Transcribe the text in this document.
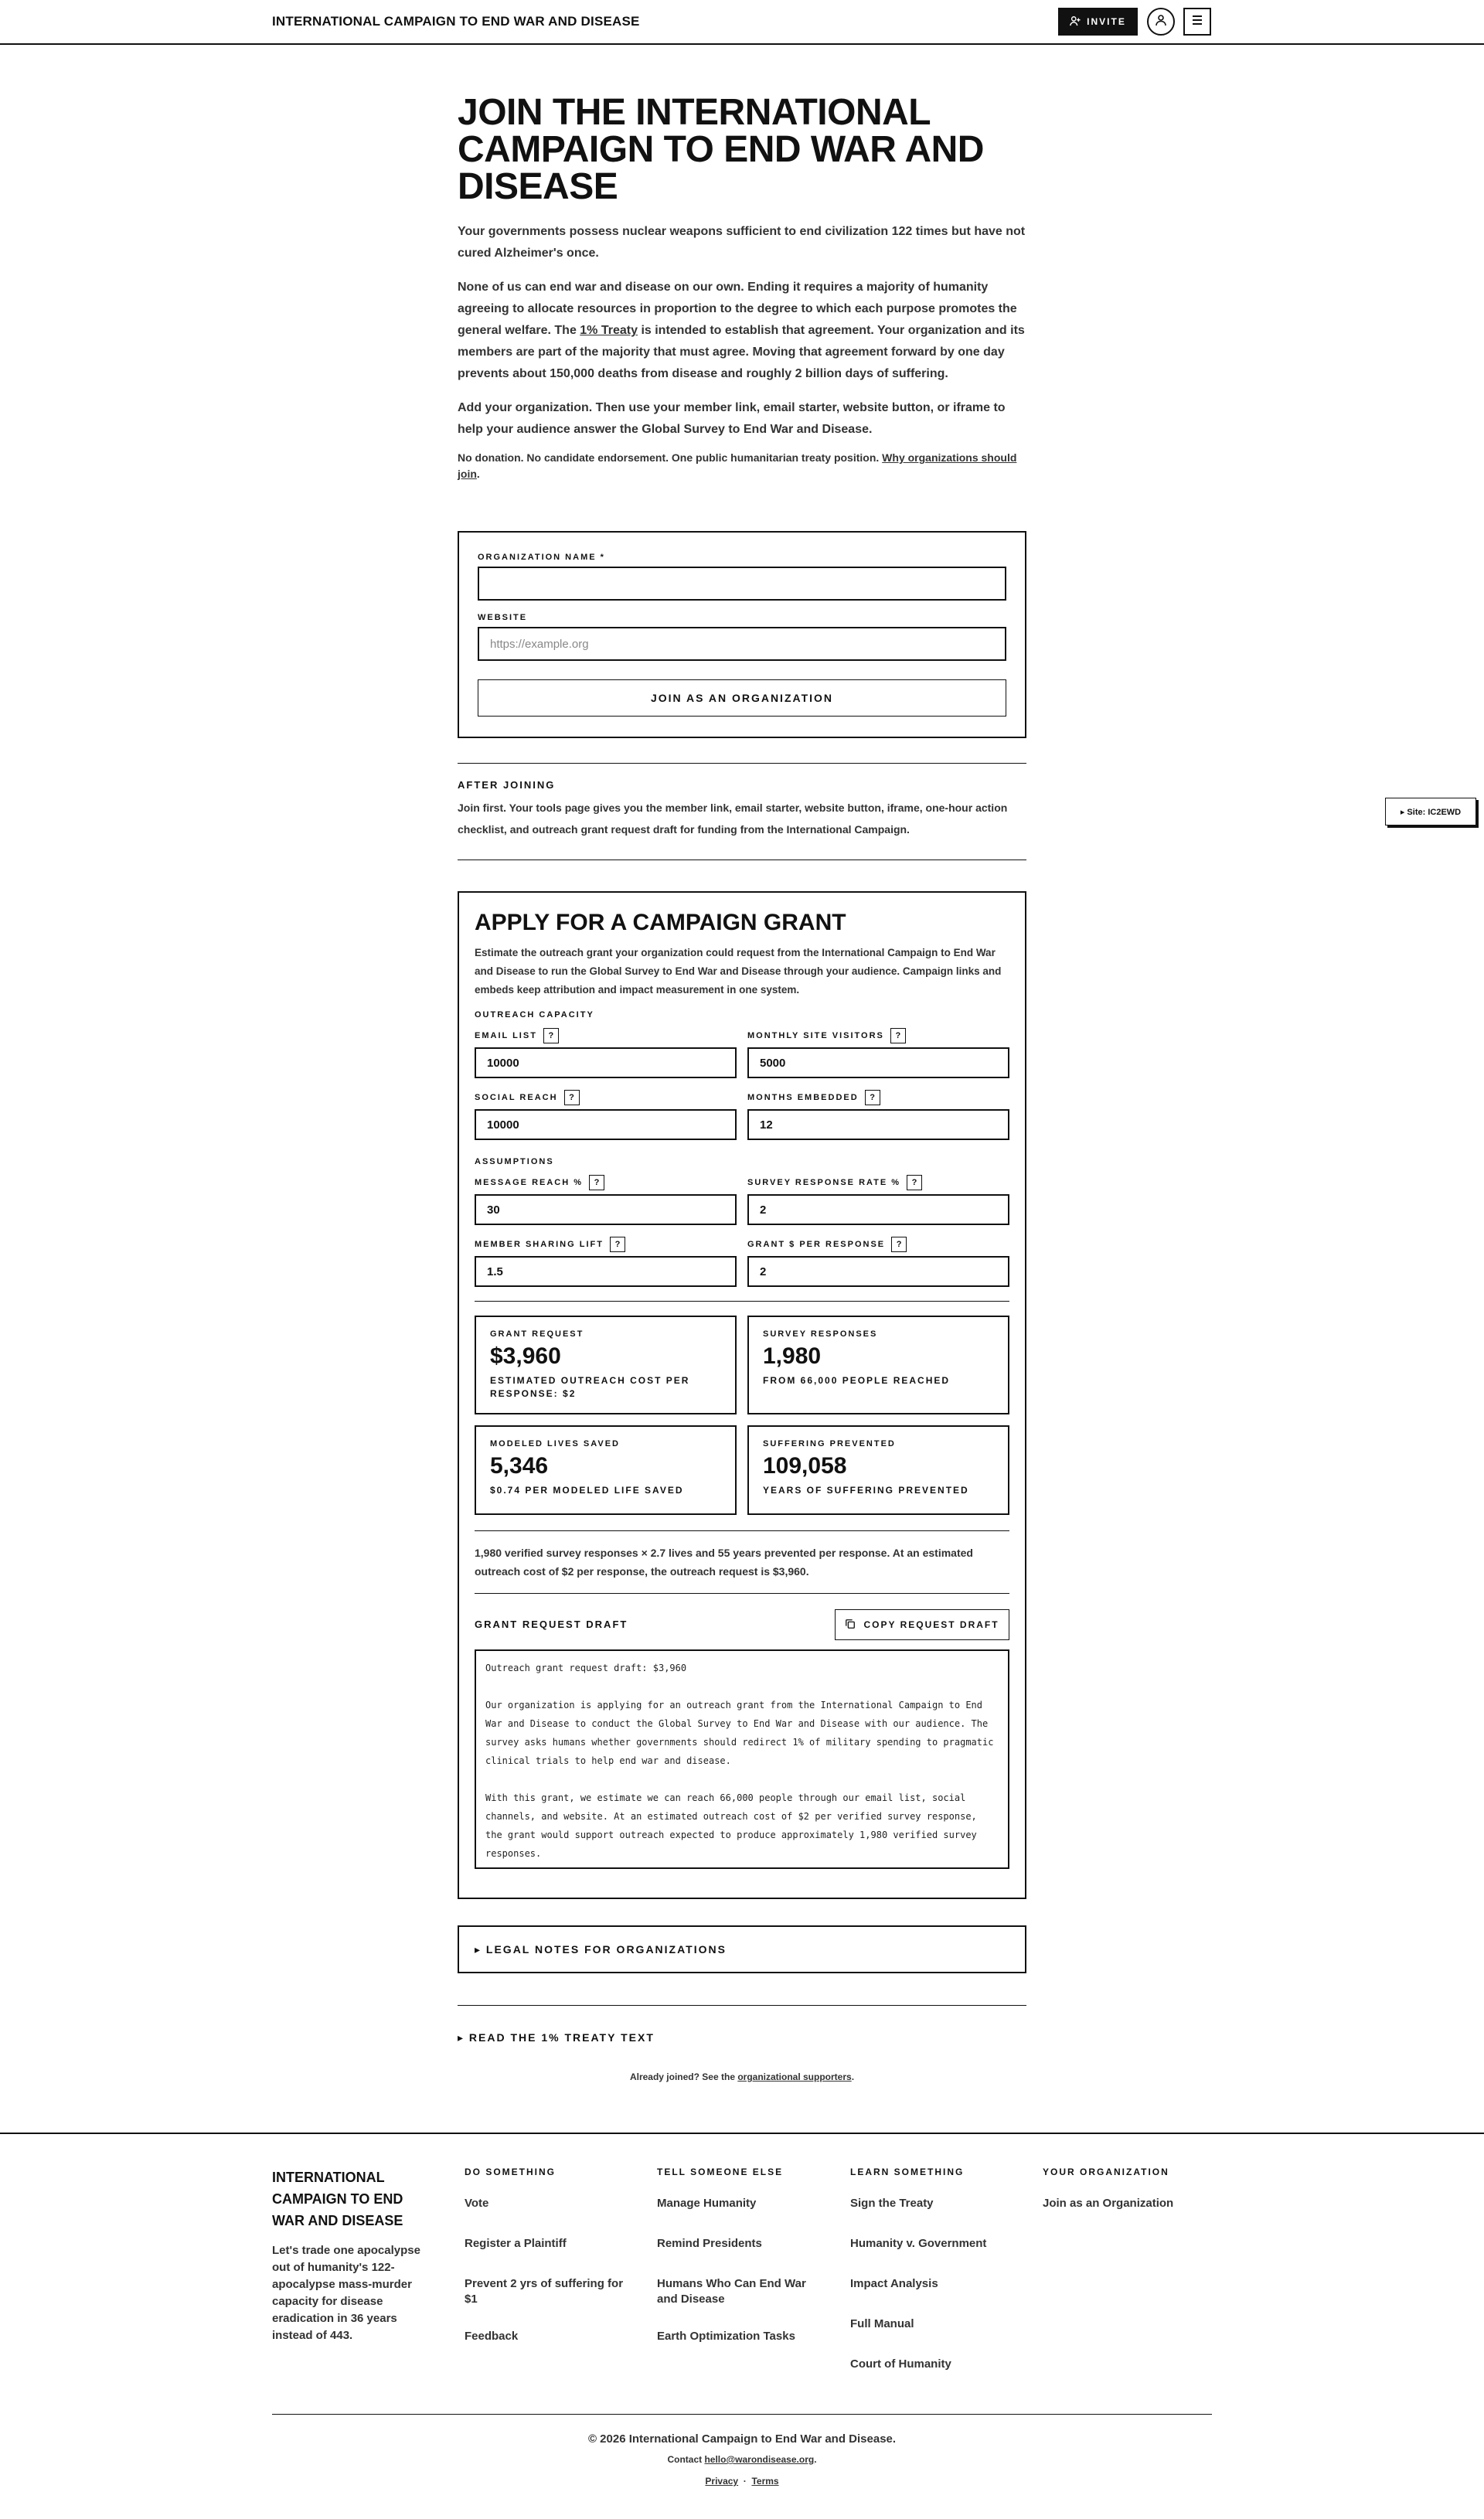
INTERNATIONAL CAMPAIGN TO END WAR AND DISEASE	INVITE
JOIN THE INTERNATIONAL CAMPAIGN TO END WAR AND DISEASE

Your governments possess nuclear weapons sufficient to end civilization 122 times but have not cured Alzheimer's once.

None of us can end war and disease on our own. Ending it requires a majority of humanity agreeing to allocate resources in proportion to the degree to which each purpose promotes the general welfare. The 1% Treaty is intended to establish that agreement. Your organization and its members are part of the majority that must agree. Moving that agreement forward by one day prevents about 150,000 deaths from disease and roughly 2 billion days of suffering.

Add your organization. Then use your member link, email starter, website button, or iframe to help your audience answer the Global Survey to End War and Disease.

No donation. No candidate endorsement. One public humanitarian treaty position. Why organizations should join.

ORGANIZATION NAME *
WEBSITE
https://example.org
JOIN AS AN ORGANIZATION
AFTER JOINING

Join first. Your tools page gives you the member link, email starter, website button, iframe, one-hour action checklist, and outreach grant request draft for funding from the International Campaign.

APPLY FOR A CAMPAIGN GRANT

Estimate the outreach grant your organization could request from the International Campaign to End War and Disease to run the Global Survey to End War and Disease through your audience. Campaign links and embeds keep attribution and impact measurement in one system.

OUTREACH CAPACITY
EMAIL LIST	?
10000
MONTHLY SITE VISITORS	?
5000
SOCIAL REACH	?
10000
MONTHS EMBEDDED	?
12
ASSUMPTIONS
MESSAGE REACH %	?
30
SURVEY RESPONSE RATE %	?
2
MEMBER SHARING LIFT	?
1.5
GRANT $ PER RESPONSE	?
2
GRANT REQUEST
$3,960
ESTIMATED OUTREACH COST PER RESPONSE: $2
SURVEY RESPONSES
1,980
FROM 66,000 PEOPLE REACHED
MODELED LIVES SAVED
5,346
$0.74 PER MODELED LIFE SAVED
SUFFERING PREVENTED
109,058
YEARS OF SUFFERING PREVENTED

1,980 verified survey responses × 2.7 lives and 55 years prevented per response. At an estimated outreach cost of $2 per response, the outreach request is $3,960.

GRANT REQUEST DRAFT	COPY REQUEST DRAFT
Outreach grant request draft: $3,960

Our organization is applying for an outreach grant from the International Campaign to End War and Disease to conduct the Global Survey to End War and Disease with our audience. The survey asks humans whether governments should redirect 1% of military spending to pragmatic clinical trials to help end war and disease.

With this grant, we estimate we can reach 66,000 people through our email list, social channels, and website. At an estimated outreach cost of $2 per verified survey response, the grant would support outreach expected to produce approximately 1,980 verified survey responses.
▸ LEGAL NOTES FOR ORGANIZATIONS
▸ READ THE 1% TREATY TEXT
Already joined? See the organizational supporters.
▸ Site: IC2EWD
INTERNATIONAL CAMPAIGN TO END WAR AND DISEASE

Let's trade one apocalypse out of humanity's 122-apocalypse mass-murder capacity for disease eradication in 36 years instead of 443.

DO SOMETHING
Vote
Register a Plaintiff
Prevent 2 yrs of suffering for $1
Feedback
TELL SOMEONE ELSE
Manage Humanity
Remind Presidents
Humans Who Can End War and Disease
Earth Optimization Tasks
LEARN SOMETHING
Sign the Treaty
Humanity v. Government
Impact Analysis
Full Manual
Court of Humanity
YOUR ORGANIZATION
Join as an Organization
© 2026 International Campaign to End War and Disease.
Contact hello@warondisease.org.
Privacy · Terms
